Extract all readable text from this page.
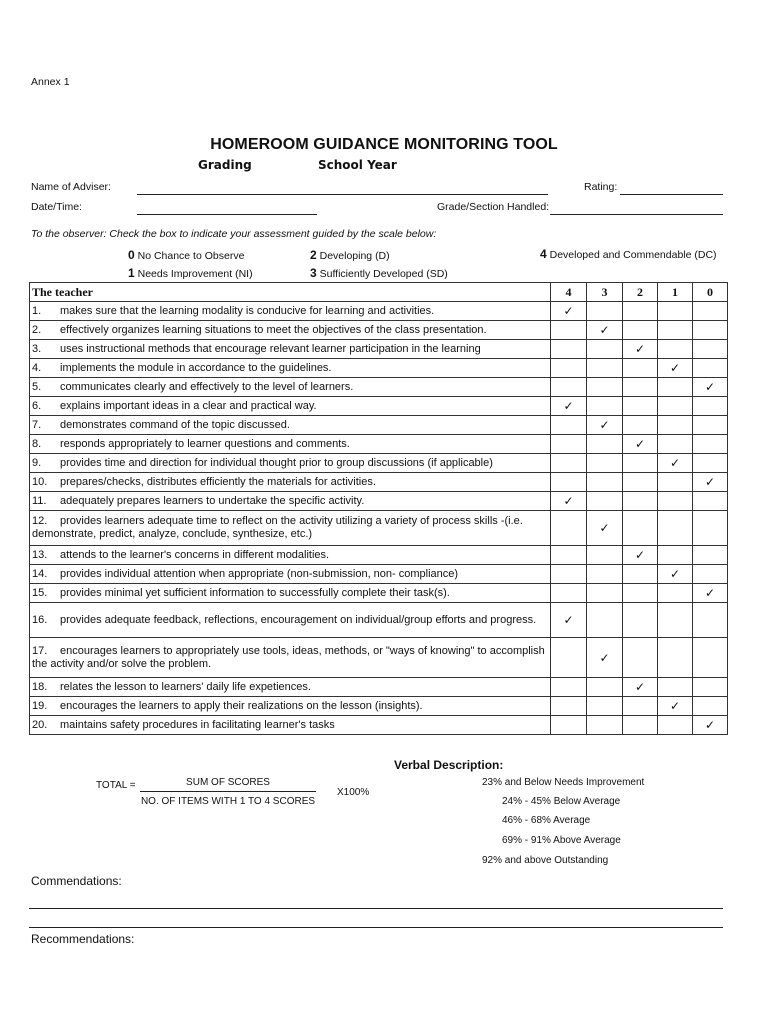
Annex 1
HOMEROOM GUIDANCE MONITORING TOOL
Grading	School Year
Name of Adviser:	Rating:
Date/Time:	Grade/Section Handled:
To the observer: Check the box to indicate your assessment guided by the scale below:
0 No Chance to Observe	2 Developing (D)	4 Developed and Commendable (DC)
1 Needs Improvement (NI)	3 Sufficiently Developed (SD)
The teacher	4	3	2	1	0
1. makes sure that the learning modality is conducive for learning and activities.	✓				
2. effectively organizes learning situations to meet the objectives of the class presentation.		✓			
3. uses instructional methods that encourage relevant learner participation in the learning			✓		
4. implements the module in accordance to the guidelines.				✓	
5. communicates clearly and effectively to the level of learners.					✓
6. explains important ideas in a clear and practical way.	✓				
7. demonstrates command of the topic discussed.		✓			
8. responds appropriately to learner questions and comments.			✓		
9. provides time and direction for individual thought prior to group discussions (if applicable)				✓	
10. prepares/checks, distributes efficiently the materials for activities.					✓
11. adequately prepares learners to undertake the specific activity.	✓				
12. provides learners adequate time to reflect on the activity utilizing a variety of process skills -(i.e. demonstrate, predict, analyze, conclude, synthesize, etc.)		✓			
13. attends to the learner's concerns in different modalities.			✓		
14. provides individual attention when appropriate (non-submission, non- compliance)				✓	
15. provides minimal yet sufficient information to successfully complete their task(s).					✓
16. provides adequate feedback, reflections, encouragement on individual/group efforts and progress.	✓				
17. encourages learners to appropriately use tools, ideas, methods, or "ways of knowing" to accomplish the activity and/or solve the problem.		✓			
18. relates the lesson to learners' daily life expetiences.			✓		
19. encourages the learners to apply their realizations on the lesson (insights).				✓	
20. maintains safety procedures in facilitating learner's tasks					✓
TOTAL =	SUM OF SCORES
NO. OF ITEMS WITH 1 TO 4 SCORES
X100%
Verbal Description:
23% and Below Needs Improvement
24% - 45% Below Average
46% - 68% Average
69% - 91% Above Average
92% and above Outstanding
Commendations:
Recommendations:
